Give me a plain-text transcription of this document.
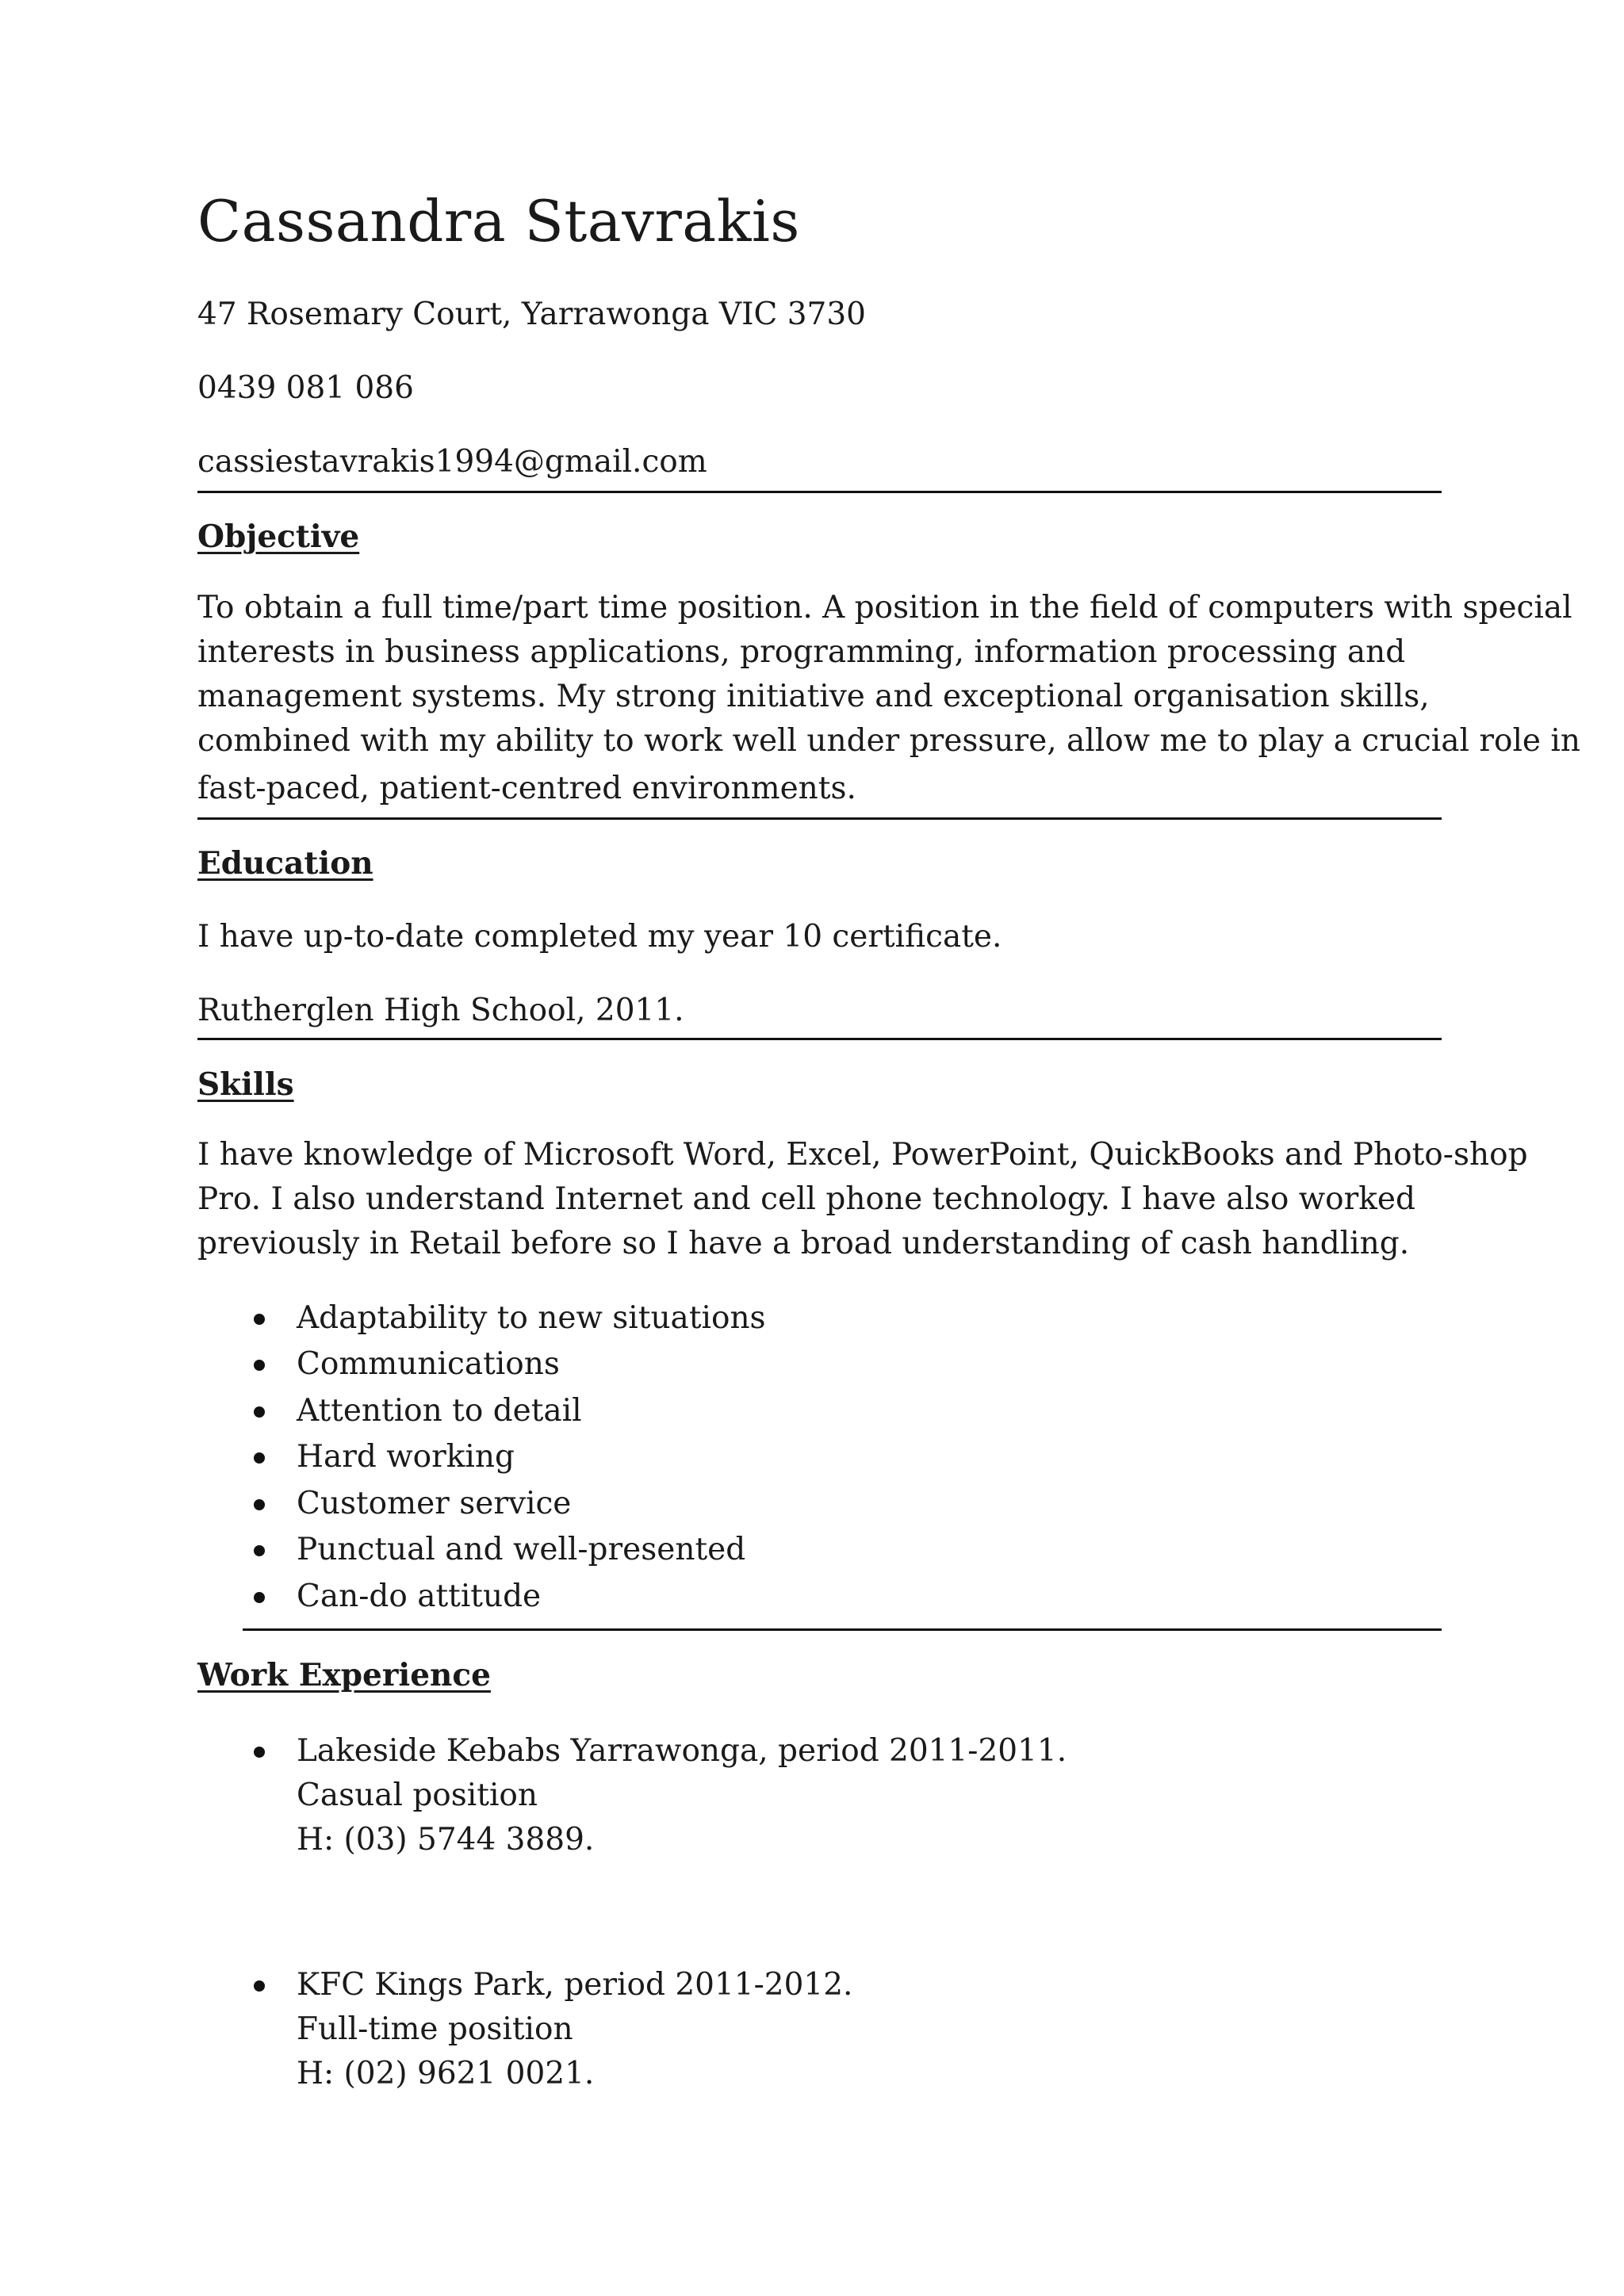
Cassandra Stavrakis

47 Rosemary Court, Yarrawonga VIC 3730

0439 081 086

cassiestavrakis1994@gmail.com

Objective
To obtain a full time/part time position. A position in the field of computers with special
interests in business applications, programming, information processing and
management systems. My strong initiative and exceptional organisation skills,
combined with my ability to work well under pressure, allow me to play a crucial role in
fast-paced, patient-centred environments.
Education

I have up-to-date completed my year 10 certificate.

Rutherglen High School, 2011.

Skills
I have knowledge of Microsoft Word, Excel, PowerPoint, QuickBooks and Photo-shop
Pro. I also understand Internet and cell phone technology. I have also worked
previously in Retail before so I have a broad understanding of cash handling.
Adaptability to new situations
Communications
Attention to detail
Hard working
Customer service
Punctual and well-presented
Can-do attitude
Work Experience
Lakeside Kebabs Yarrawonga, period 2011-2011.
Casual position
H: (03) 5744 3889.
KFC Kings Park, period 2011-2012.
Full-time position
H: (02) 9621 0021.
